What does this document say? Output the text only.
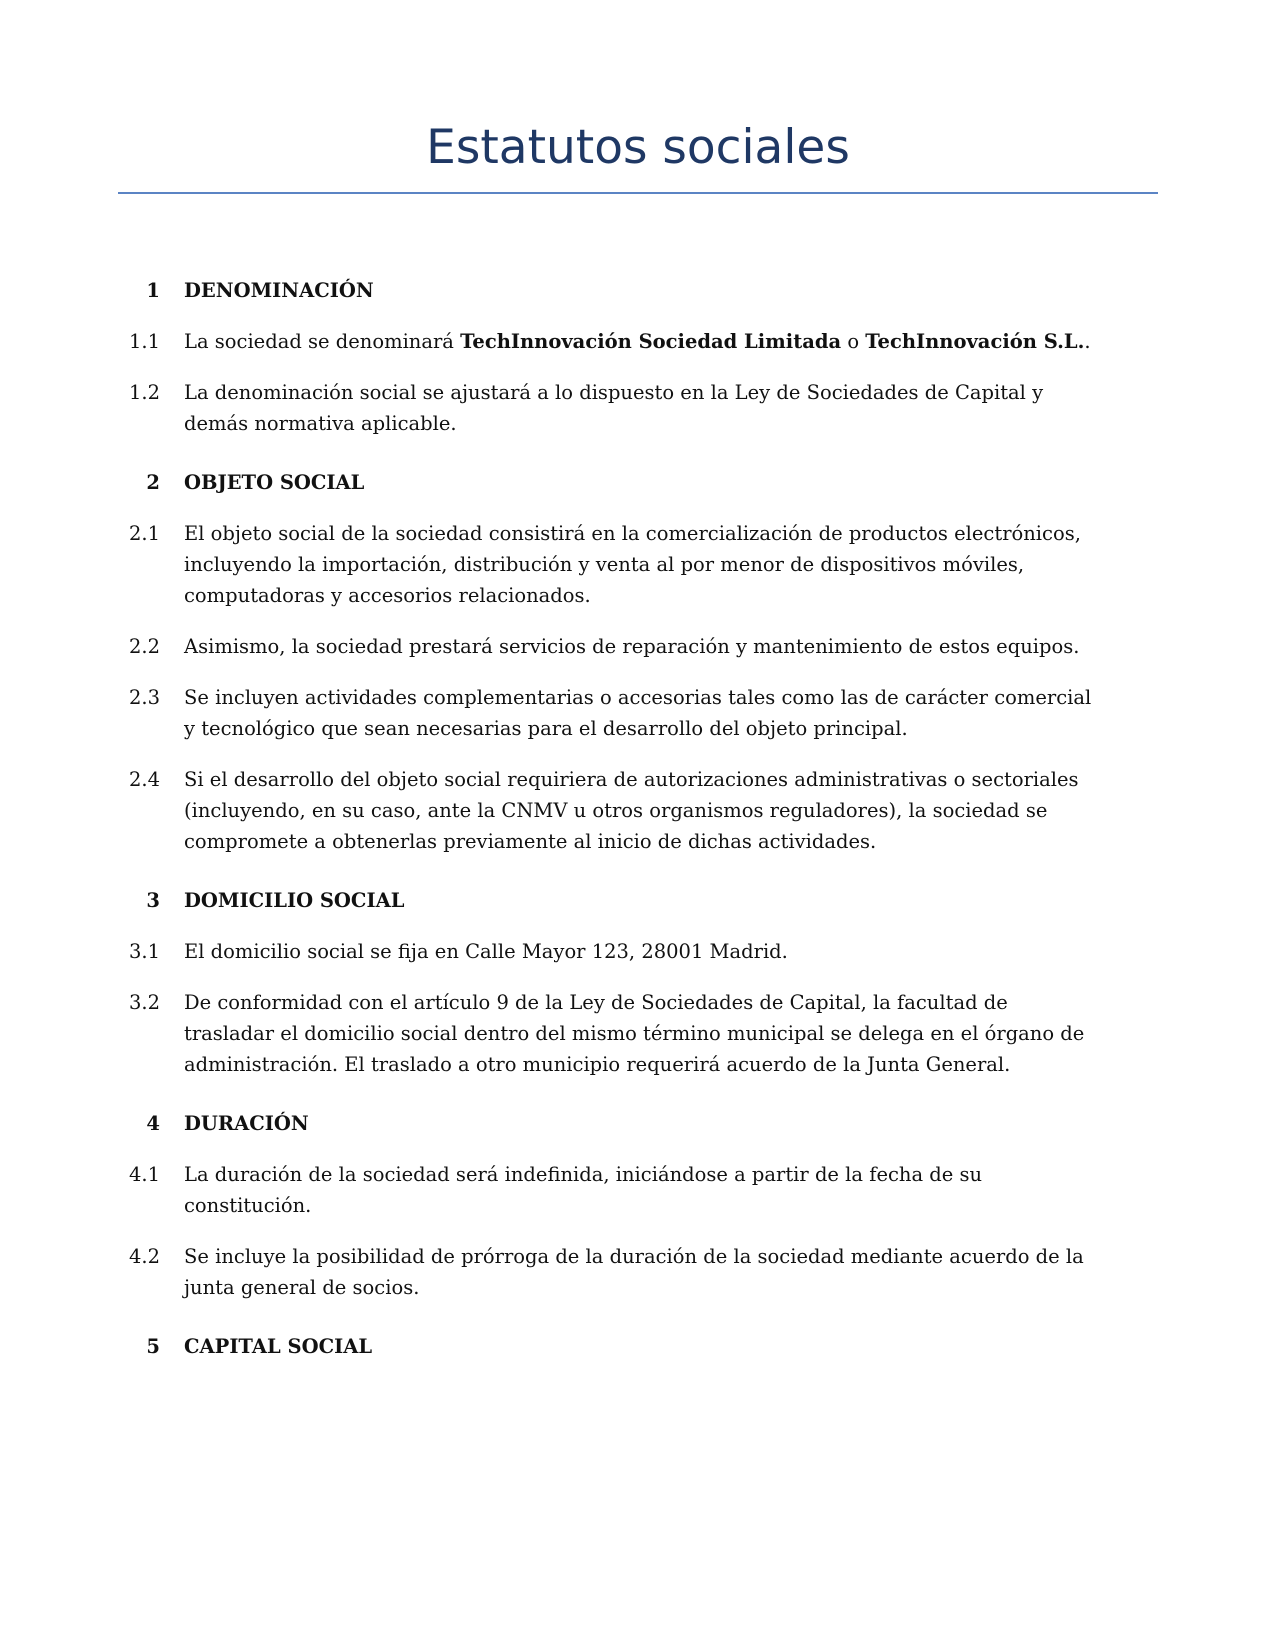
Estatutos sociales
1	DENOMINACIÓN
1.1	La sociedad se denominará TechInnovación Sociedad Limitada o TechInnovación S.L..
1.2	La denominación social se ajustará a lo dispuesto en la Ley de Sociedades de Capital y demás normativa aplicable.
2	OBJETO SOCIAL
2.1	El objeto social de la sociedad consistirá en la comercialización de productos electrónicos, incluyendo la importación, distribución y venta al por menor de dispositivos móviles, computadoras y accesorios relacionados.
2.2	Asimismo, la sociedad prestará servicios de reparación y mantenimiento de estos equipos.
2.3	Se incluyen actividades complementarias o accesorias tales como las de carácter comercial y tecnológico que sean necesarias para el desarrollo del objeto principal.
2.4	Si el desarrollo del objeto social requiriera de autorizaciones administrativas o sectoriales (incluyendo, en su caso, ante la CNMV u otros organismos reguladores), la sociedad se compromete a obtenerlas previamente al inicio de dichas actividades.
3	DOMICILIO SOCIAL
3.1	El domicilio social se fija en Calle Mayor 123, 28001 Madrid.
3.2	De conformidad con el artículo 9 de la Ley de Sociedades de Capital, la facultad de trasladar el domicilio social dentro del mismo término municipal se delega en el órgano de administración. El traslado a otro municipio requerirá acuerdo de la Junta General.
4	DURACIÓN
4.1	La duración de la sociedad será indefinida, iniciándose a partir de la fecha de su constitución.
4.2	Se incluye la posibilidad de prórroga de la duración de la sociedad mediante acuerdo de la junta general de socios.
5	CAPITAL SOCIAL
